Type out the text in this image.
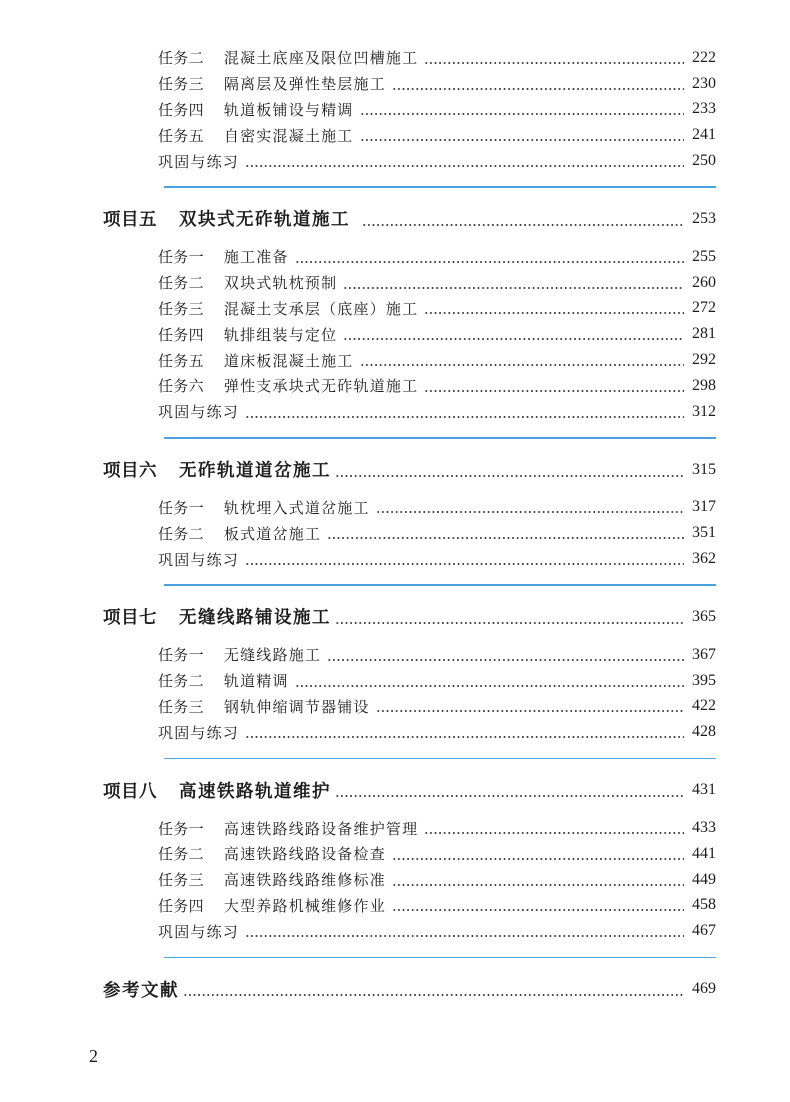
任务二 混凝土底座及限位凹槽施工	222
任务三 隔离层及弹性垫层施工	230
任务四 轨道板铺设与精调	233
任务五 自密实混凝土施工	241
巩固与练习	250
项目五 双块式无砟轨道施工	253
任务一 施工准备	255
任务二 双块式轨枕预制	260
任务三 混凝土支承层（底座）施工	272
任务四 轨排组装与定位	281
任务五 道床板混凝土施工	292
任务六 弹性支承块式无砟轨道施工	298
巩固与练习	312
项目六 无砟轨道道岔施工	315
任务一 轨枕埋入式道岔施工	317
任务二 板式道岔施工	351
巩固与练习	362
项目七 无缝线路铺设施工	365
任务一 无缝线路施工	367
任务二 轨道精调	395
任务三 钢轨伸缩调节器铺设	422
巩固与练习	428
项目八 高速铁路轨道维护	431
任务一 高速铁路线路设备维护管理	433
任务二 高速铁路线路设备检查	441
任务三 高速铁路线路维修标准	449
任务四 大型养路机械维修作业	458
巩固与练习	467
参考文献	469
2
